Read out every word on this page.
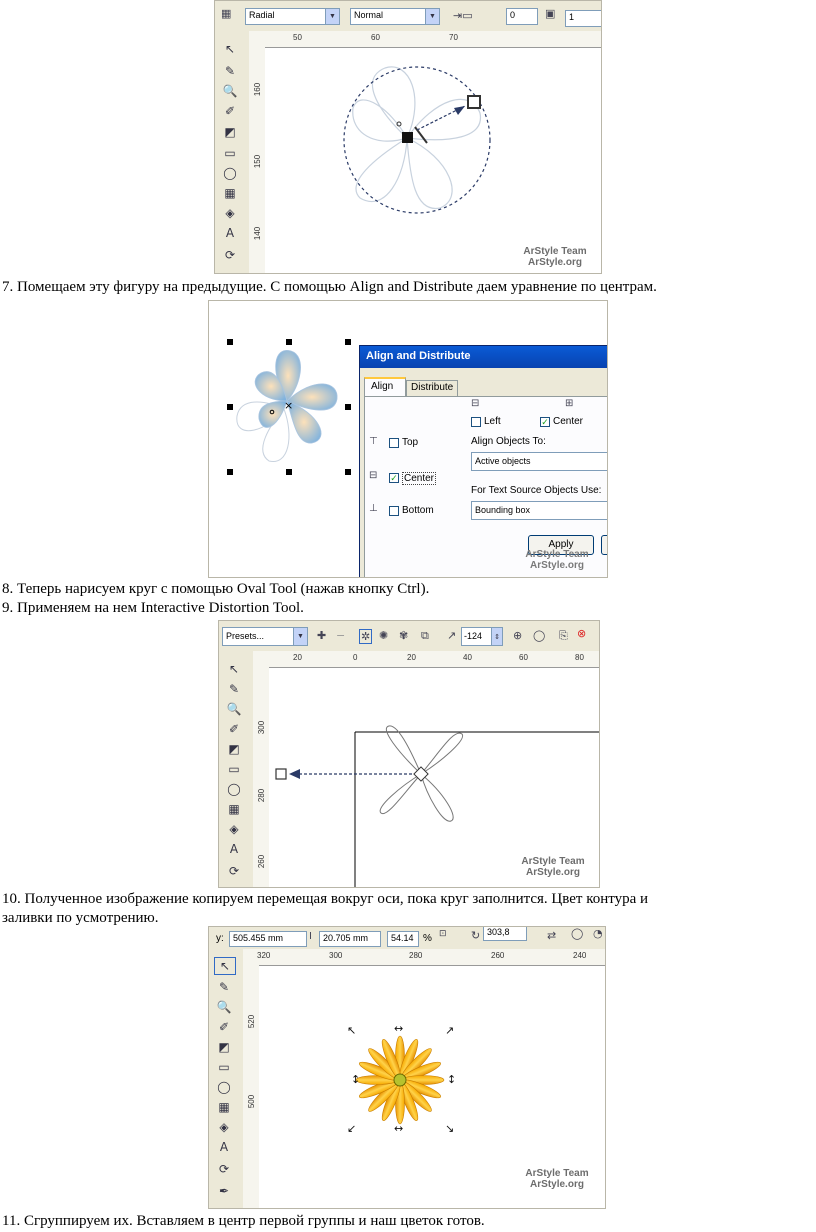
▦	Radial	▼	Normal	▼ ⇥▭	0	▣	1
↖
✎
🔍
✐
◩
▭
◯
▦
◈
A
⟳
50	60	70
160
150
140
ArStyle Team
ArStyle.org
7. Помещаем эту фигуру на предыдущие. С помощью Align and Distribute даем уравнение по центрам.
×
Align and Distribute
Align	Distribute
⊟	⊞
Left	✓ Center
⊤ Top	Align Objects To:
Active objects
⊟ ✓ Center
For Text Source Objects Use:
Bounding box
⊥ Bottom
Apply
ArStyle Team
ArStyle.org
8. Теперь нарисуем круг с помощью Oval Tool (нажав кнопку Ctrl).
9. Применяем на нем Interactive Distortion Tool.
Presets...	▼ ✚ − ✲ ✺ ✾ ⧉ ↗ -124	⇕ ⊕ ◯ ⎘ ⊗
↖
✎
🔍
✐
◩
▭
◯
▦
◈
A
⟳
20	0	20	40	60	80
300
280
260	ArStyle Team
ArStyle.org
10. Полученное изображение копируем перемещая вокруг оси, пока круг заполнится. Цвет контура и
заливки по усмотрению.
y:	505.455 mm	Ⅰ	20.705 mm	54.14 % ⊡ ↻ 303,8	⇄ ◯ ◔
↖
✎
🔍
✐
◩
▭
◯
▦
◈
A
⟳
✒
320	300	280	260	240
520
500
↖	↗
↙	↘
↔
↔
↕	↕
ArStyle Team
ArStyle.org
11. Сгруппируем их. Вставляем в центр первой группы и наш цветок готов.
